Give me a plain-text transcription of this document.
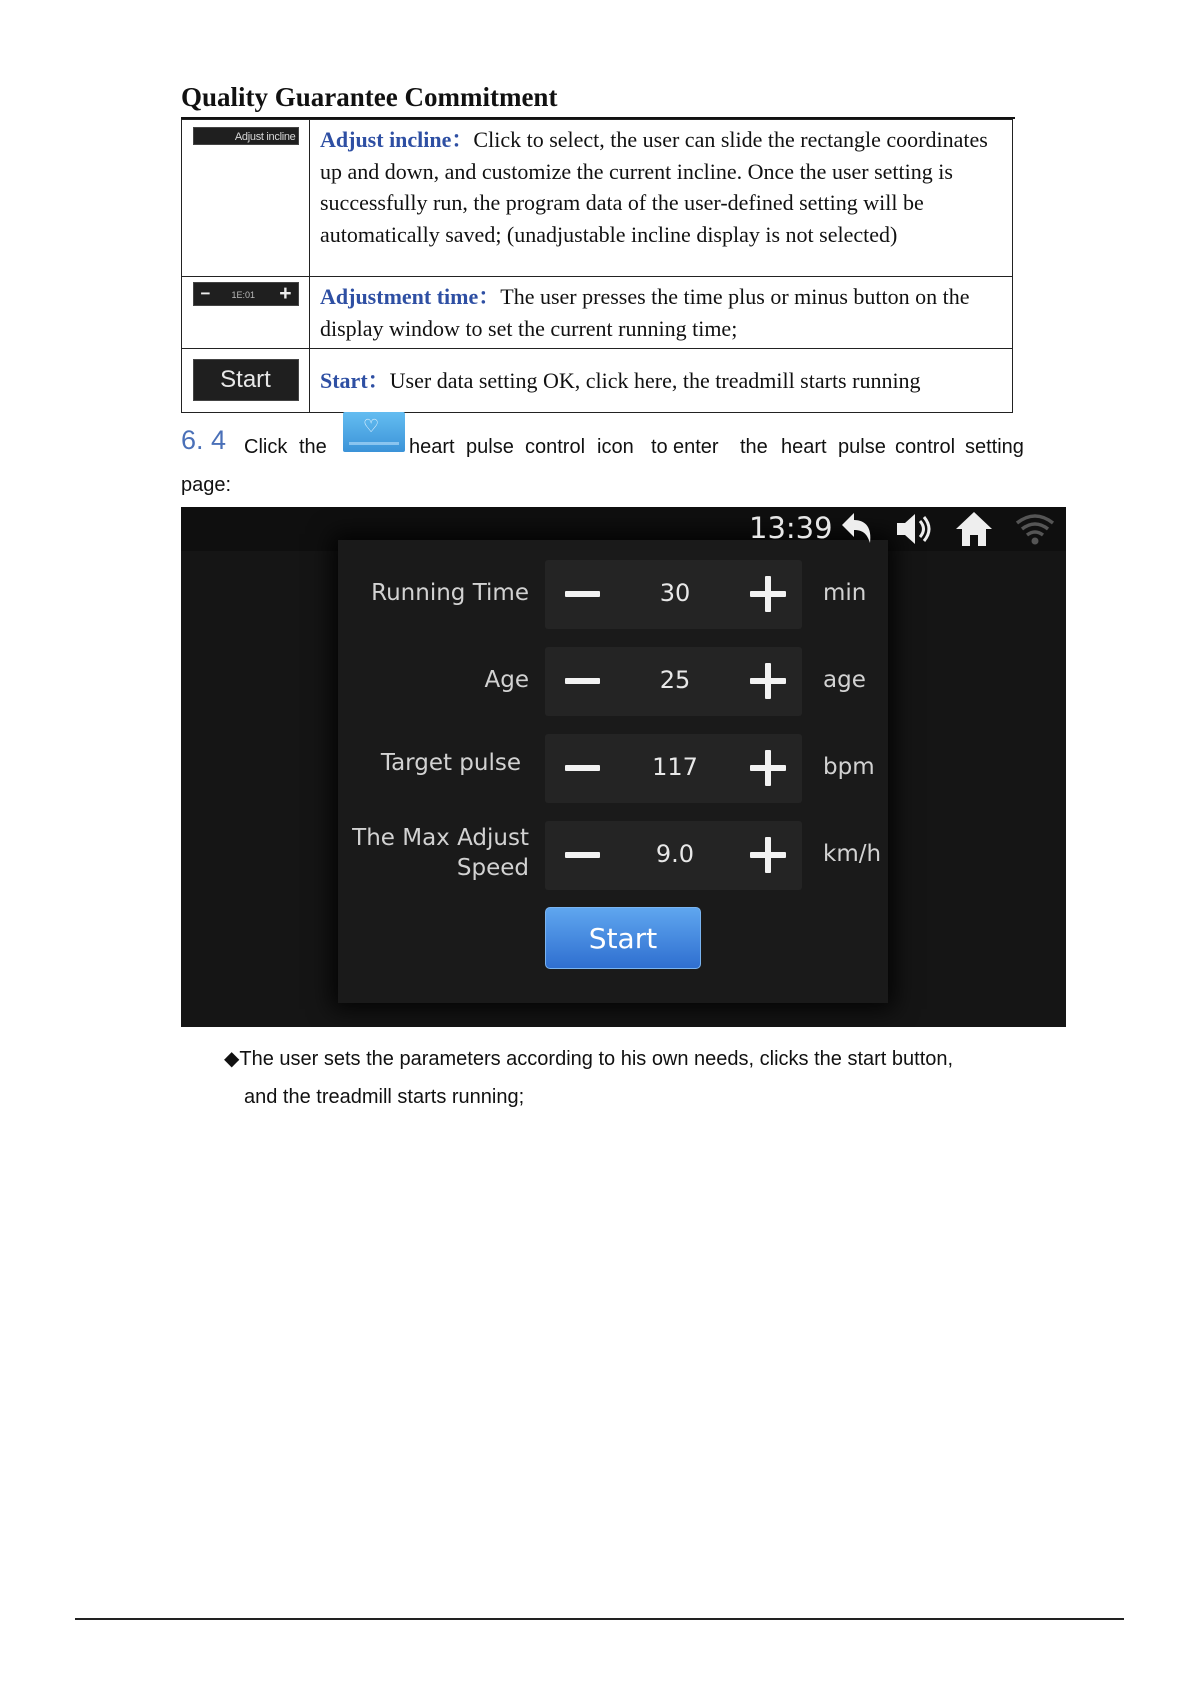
Quality Guarantee Commitment
Adjust incline	Adjust incline：Click to select, the user can slide the rectangle coordinates up and down, and customize the current incline. Once the user setting is successfully run, the program data of the user-defined setting will be automatically saved; (unadjustable incline display is not selected)

− 1E:01 +	Adjustment time：The user presses the time plus or minus button on the display window to set the current running time;
Start	Start：User data setting OK, click here, the treadmill starts running
6. 4 Click the	heart pulse control icon to enter the heart pulse control setting
♡
page:
13:39
Running Time	30	min
Age	25	age
Target pulse	117	bpm
The Max Adjust
Speed	9.0	km/h
Start
◆The user sets the parameters according to his own needs, clicks the start button,
and the treadmill starts running;
